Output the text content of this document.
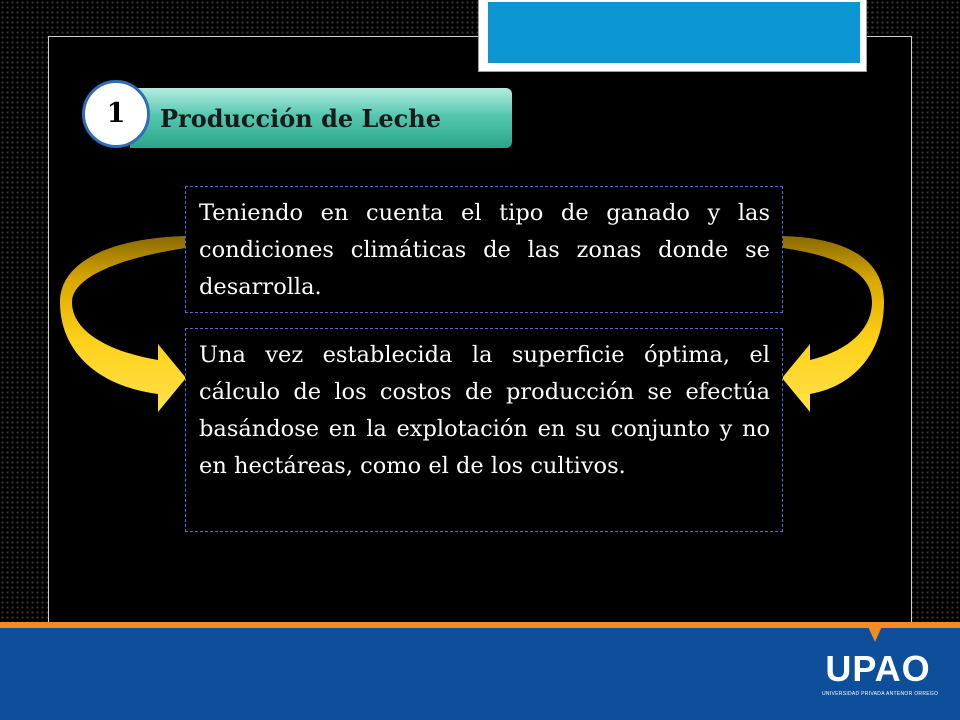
Producción de Leche
1
Teniendo en cuenta el tipo de ganado y las condiciones climáticas de las zonas donde se desarrolla.
Una vez establecida la superficie óptima, el cálculo de los costos de producción se efectúa basándose en la explotación en su conjunto y no en hectáreas, como el de los cultivos.
UPAO
UNIVERSIDAD PRIVADA ANTENOR ORREGO
